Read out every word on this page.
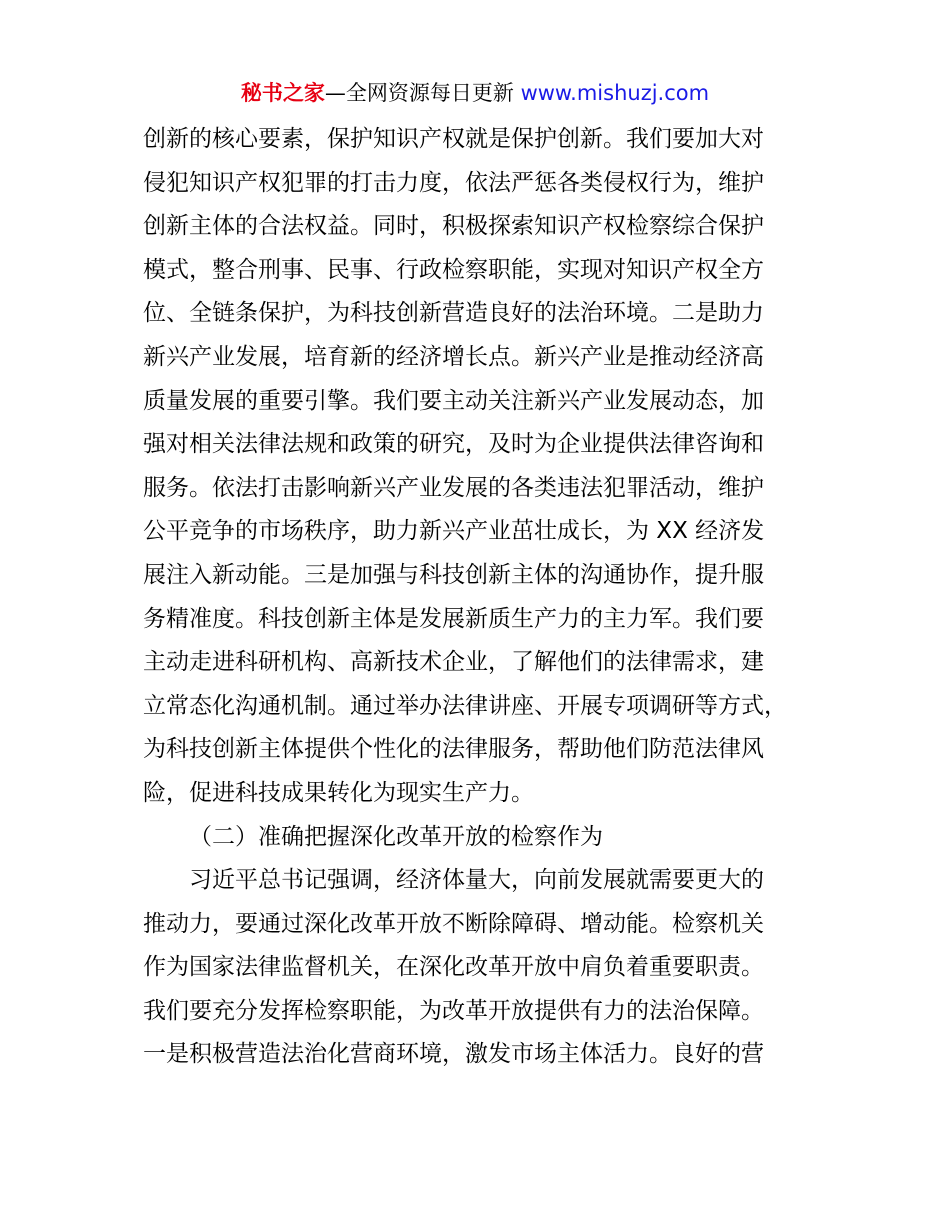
秘书之家—全网资源每日更新 www.mishuzj.com
创新的核心要素，保护知识产权就是保护创新。我们要加大对
侵犯知识产权犯罪的打击力度，依法严惩各类侵权行为，维护
创新主体的合法权益。同时，积极探索知识产权检察综合保护
模式，整合刑事、民事、行政检察职能，实现对知识产权全方
位、全链条保护，为科技创新营造良好的法治环境。二是助力
新兴产业发展，培育新的经济增长点。新兴产业是推动经济高
质量发展的重要引擎。我们要主动关注新兴产业发展动态，加
强对相关法律法规和政策的研究，及时为企业提供法律咨询和
服务。依法打击影响新兴产业发展的各类违法犯罪活动，维护
公平竞争的市场秩序，助力新兴产业茁壮成长，为 XX 经济发
展注入新动能。三是加强与科技创新主体的沟通协作，提升服
务精准度。科技创新主体是发展新质生产力的主力军。我们要
主动走进科研机构、高新技术企业，了解他们的法律需求，建
立常态化沟通机制。通过举办法律讲座、开展专项调研等方式，
为科技创新主体提供个性化的法律服务，帮助他们防范法律风
险，促进科技成果转化为现实生产力。
（二）准确把握深化改革开放的检察作为
习近平总书记强调，经济体量大，向前发展就需要更大的
推动力，要通过深化改革开放不断除障碍、增动能。检察机关
作为国家法律监督机关，在深化改革开放中肩负着重要职责。
我们要充分发挥检察职能，为改革开放提供有力的法治保障。
一是积极营造法治化营商环境，激发市场主体活力。良好的营
